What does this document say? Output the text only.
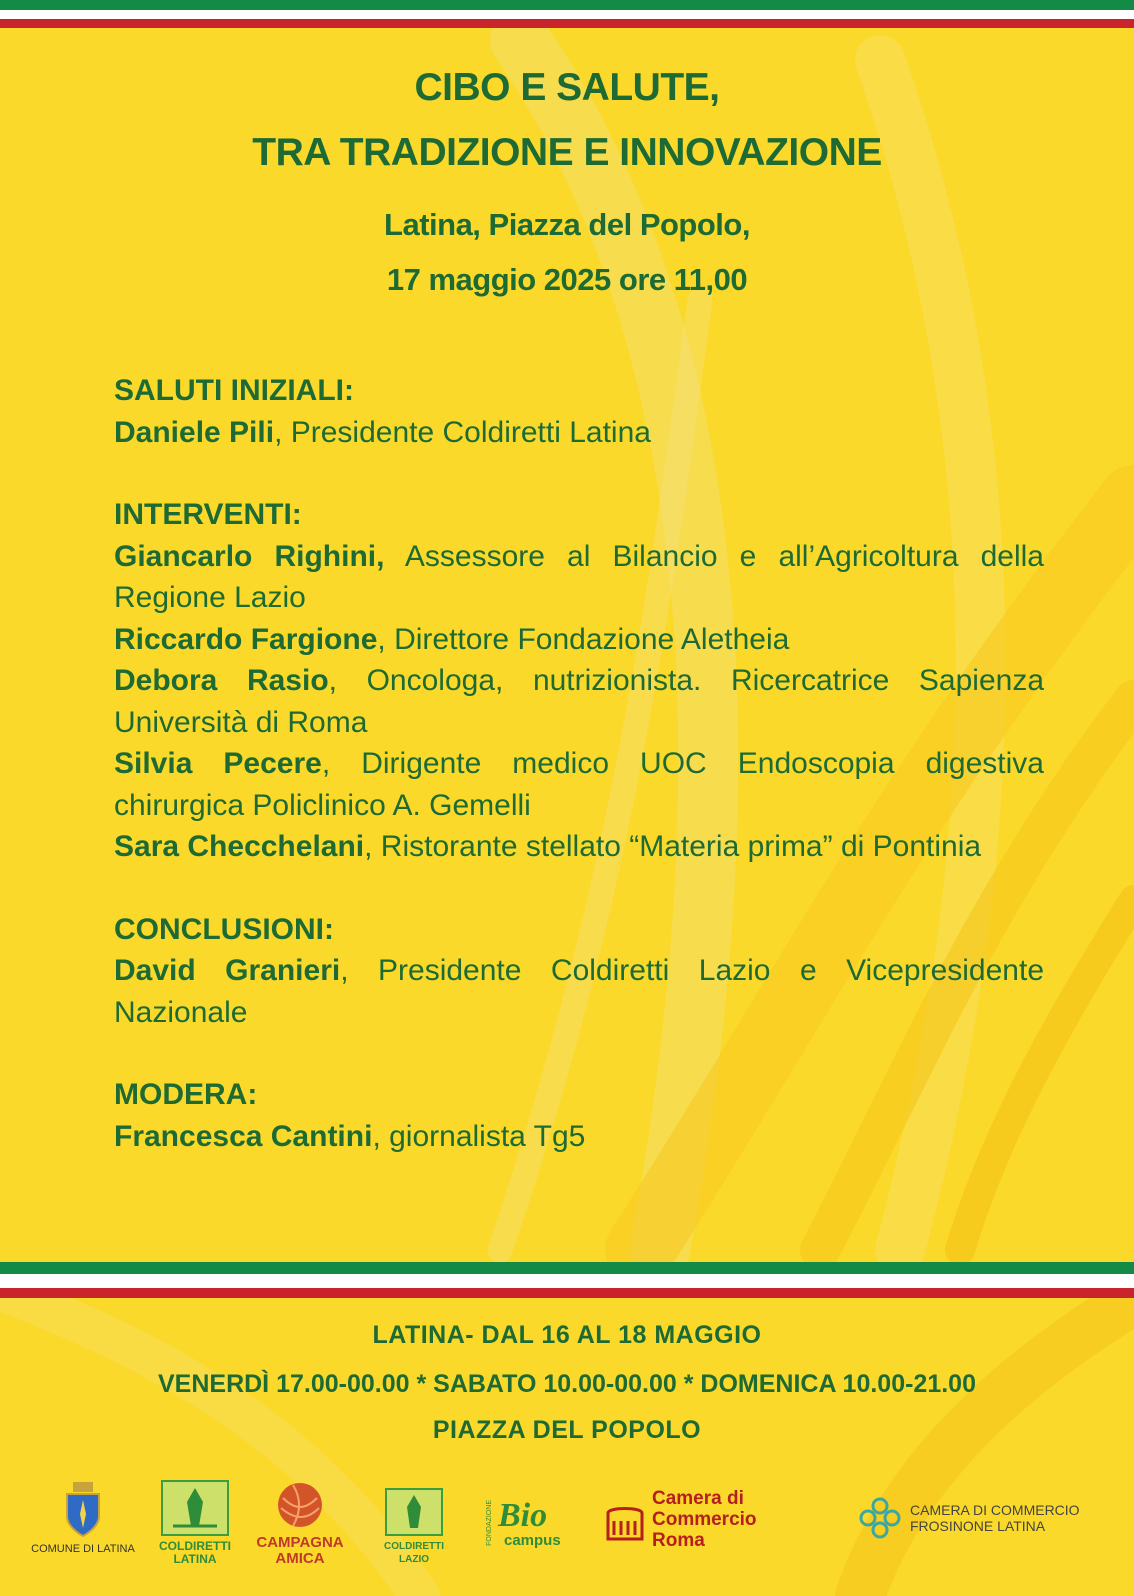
CIBO E SALUTE,
TRA TRADIZIONE E INNOVAZIONE
Latina, Piazza del Popolo,
17 maggio 2025 ore 11,00
SALUTI INIZIALI:
Daniele Pili, Presidente Coldiretti Latina
INTERVENTI:
Giancarlo Righini, Assessore al Bilancio e all’Agricoltura della Regione Lazio
Riccardo Fargione, Direttore Fondazione Aletheia
Debora Rasio, Oncologa, nutrizionista. Ricercatrice Sapienza Università di Roma
Silvia Pecere, Dirigente medico UOC Endoscopia digestiva chirurgica Policlinico A. Gemelli
Sara Checchelani, Ristorante stellato “Materia prima” di Pontinia
CONCLUSIONI:
David Granieri, Presidente Coldiretti Lazio e Vicepresidente Nazionale
MODERA:
Francesca Cantini, giornalista Tg5
LATINA- DAL 16 AL 18 MAGGIO
VENERDÌ 17.00-00.00 * SABATO 10.00-00.00 * DOMENICA 10.00-21.00
PIAZZA DEL POPOLO
COMUNE DI LATINA	COLDIRETTI
LATINA
CAMPAGNA
AMICA
COLDIRETTI
LAZIO
FONDAZIONE Bio
campus
Camera di Commercio
Roma
CAMERA DI COMMERCIO
FROSINONE LATINA
